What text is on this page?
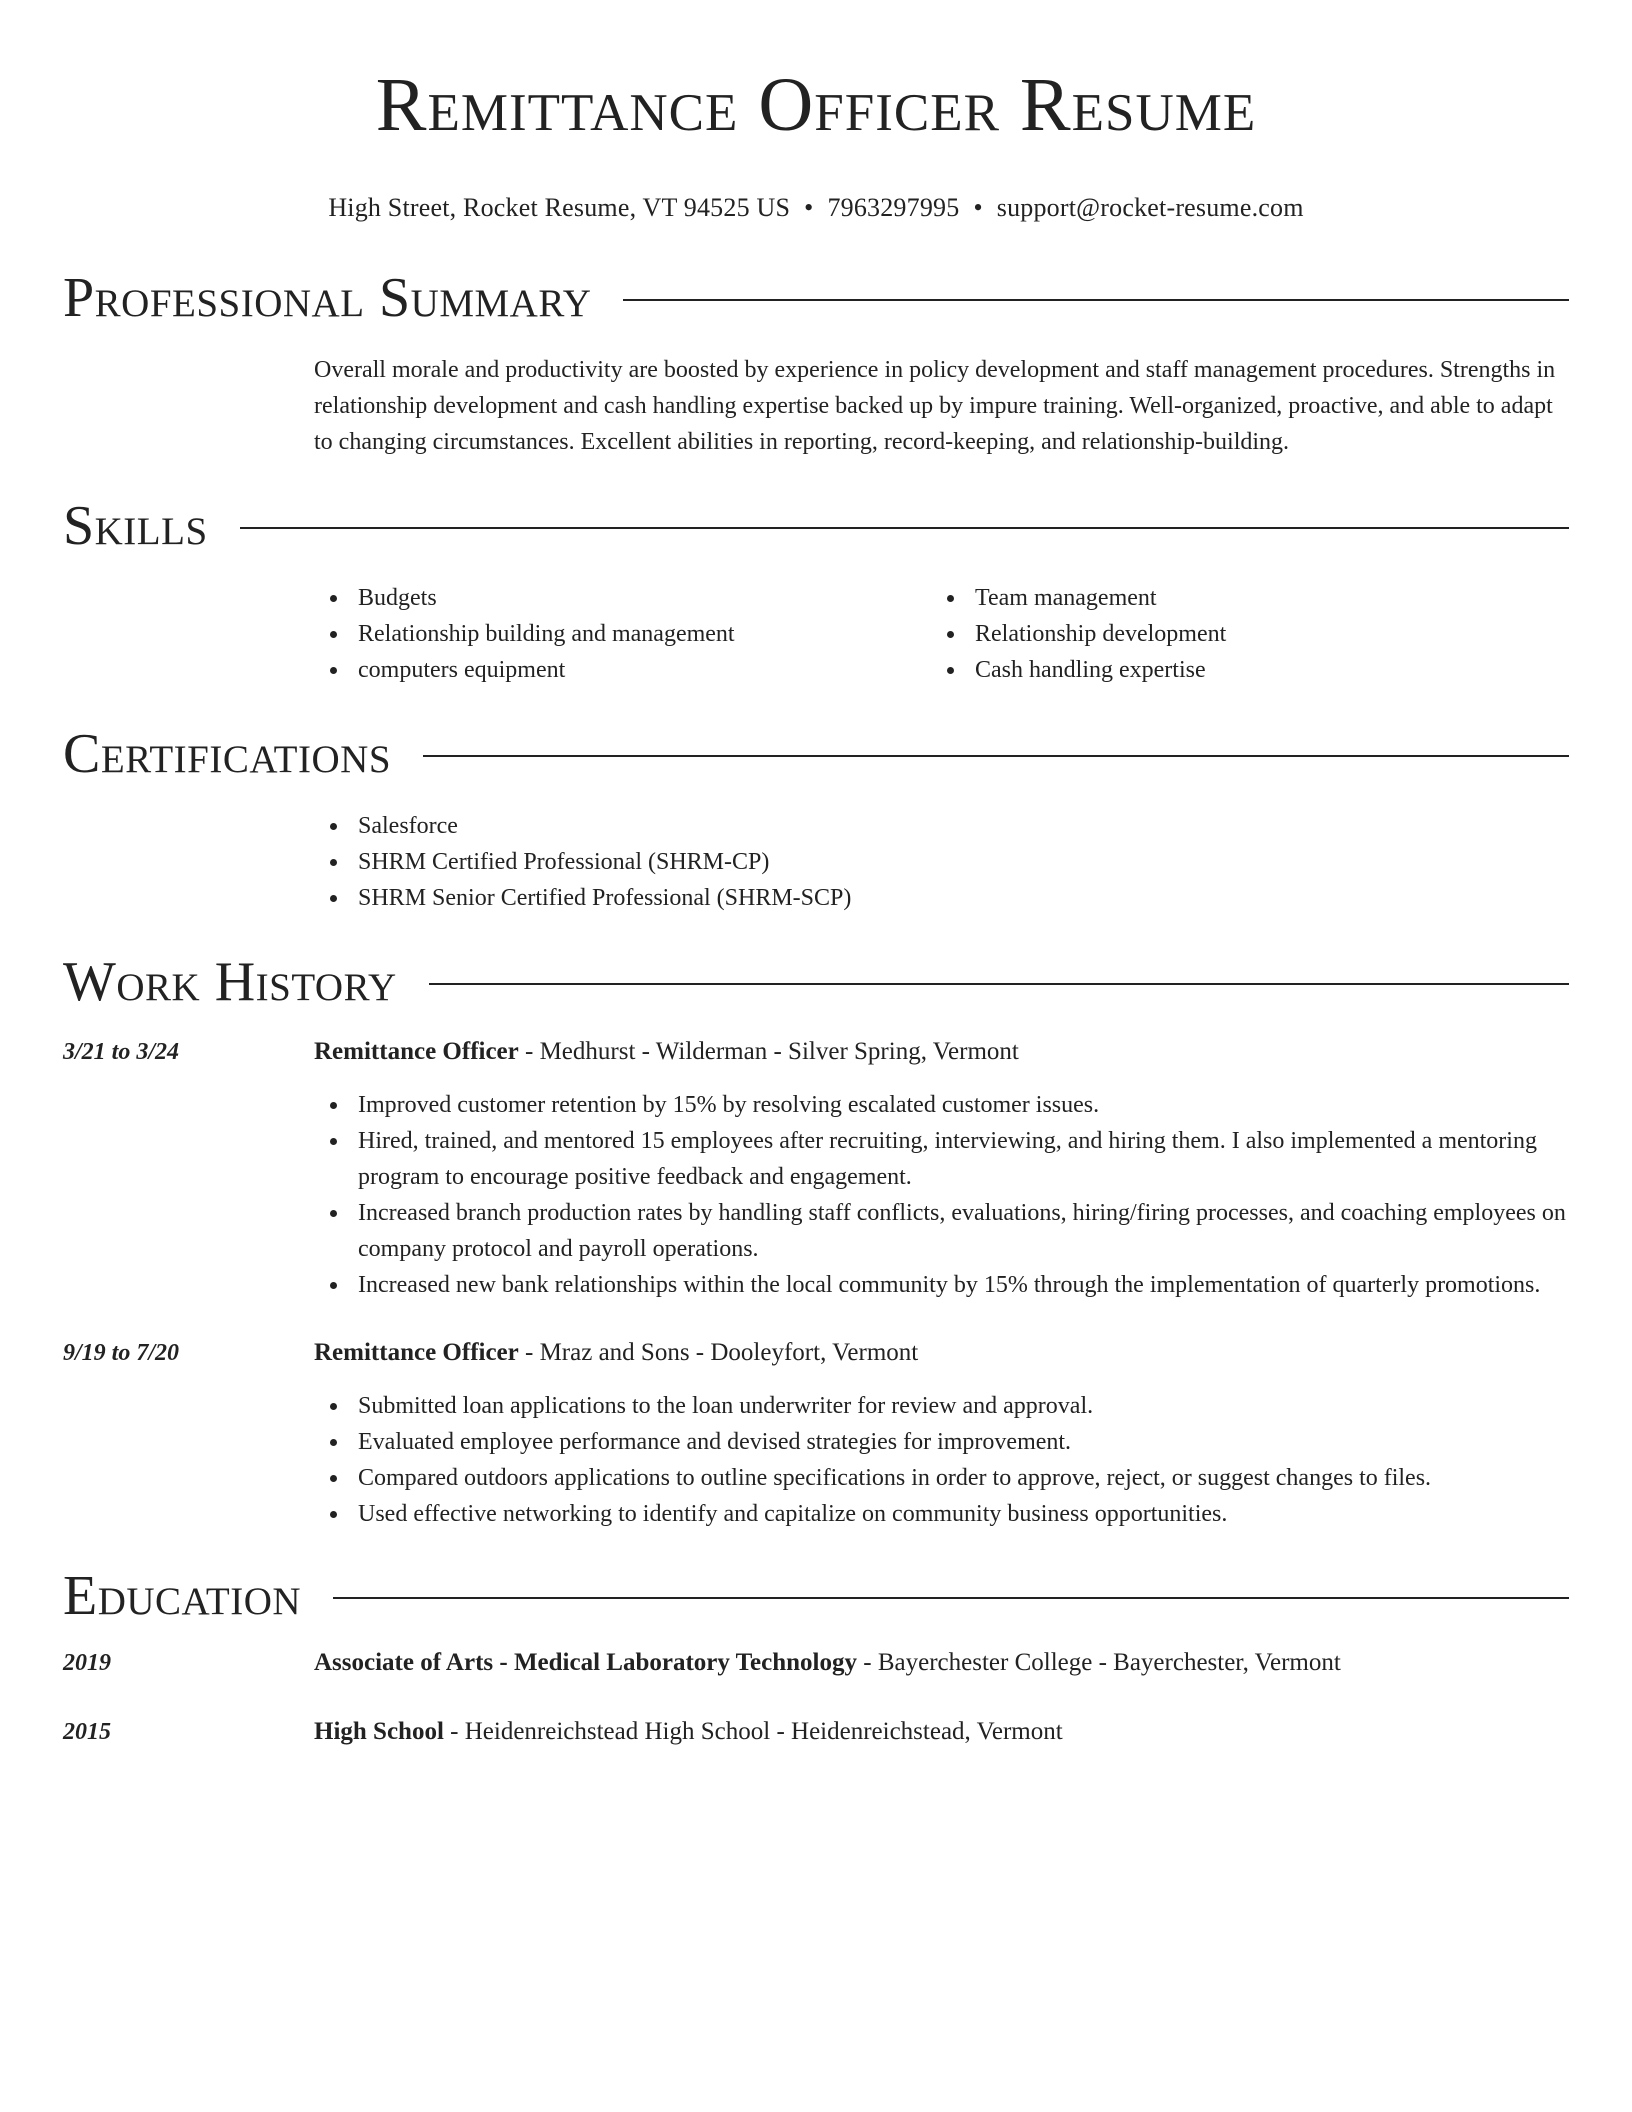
Remittance Officer Resume
High Street, Rocket Resume, VT 94525 US • 7963297995 • support@rocket-resume.com
Professional Summary

Overall morale and productivity are boosted by experience in policy development and staff management procedures. Strengths in relationship development and cash handling expertise backed up by impure training. Well-organized, proactive, and able to adapt to changing circumstances. Excellent abilities in reporting, record-keeping, and relationship-building.

Skills
Budgets
Relationship building and management
computers equipment
Team management
Relationship development
Cash handling expertise
Certifications
Salesforce
SHRM Certified Professional (SHRM-CP)
SHRM Senior Certified Professional (SHRM-SCP)
Work History
3/21 to 3/24	Remittance Officer - Medhurst - Wilderman - Silver Spring, Vermont
Improved customer retention by 15% by resolving escalated customer issues.
Hired, trained, and mentored 15 employees after recruiting, interviewing, and hiring them. I also implemented a mentoring program to encourage positive feedback and engagement.
Increased branch production rates by handling staff conflicts, evaluations, hiring/firing processes, and coaching employees on company protocol and payroll operations.
Increased new bank relationships within the local community by 15% through the implementation of quarterly promotions.
9/19 to 7/20	Remittance Officer - Mraz and Sons - Dooleyfort, Vermont
Submitted loan applications to the loan underwriter for review and approval.
Evaluated employee performance and devised strategies for improvement.
Compared outdoors applications to outline specifications in order to approve, reject, or suggest changes to files.
Used effective networking to identify and capitalize on community business opportunities.
Education
2019	Associate of Arts - Medical Laboratory Technology - Bayerchester College - Bayerchester, Vermont
2015	High School - Heidenreichstead High School - Heidenreichstead, Vermont
